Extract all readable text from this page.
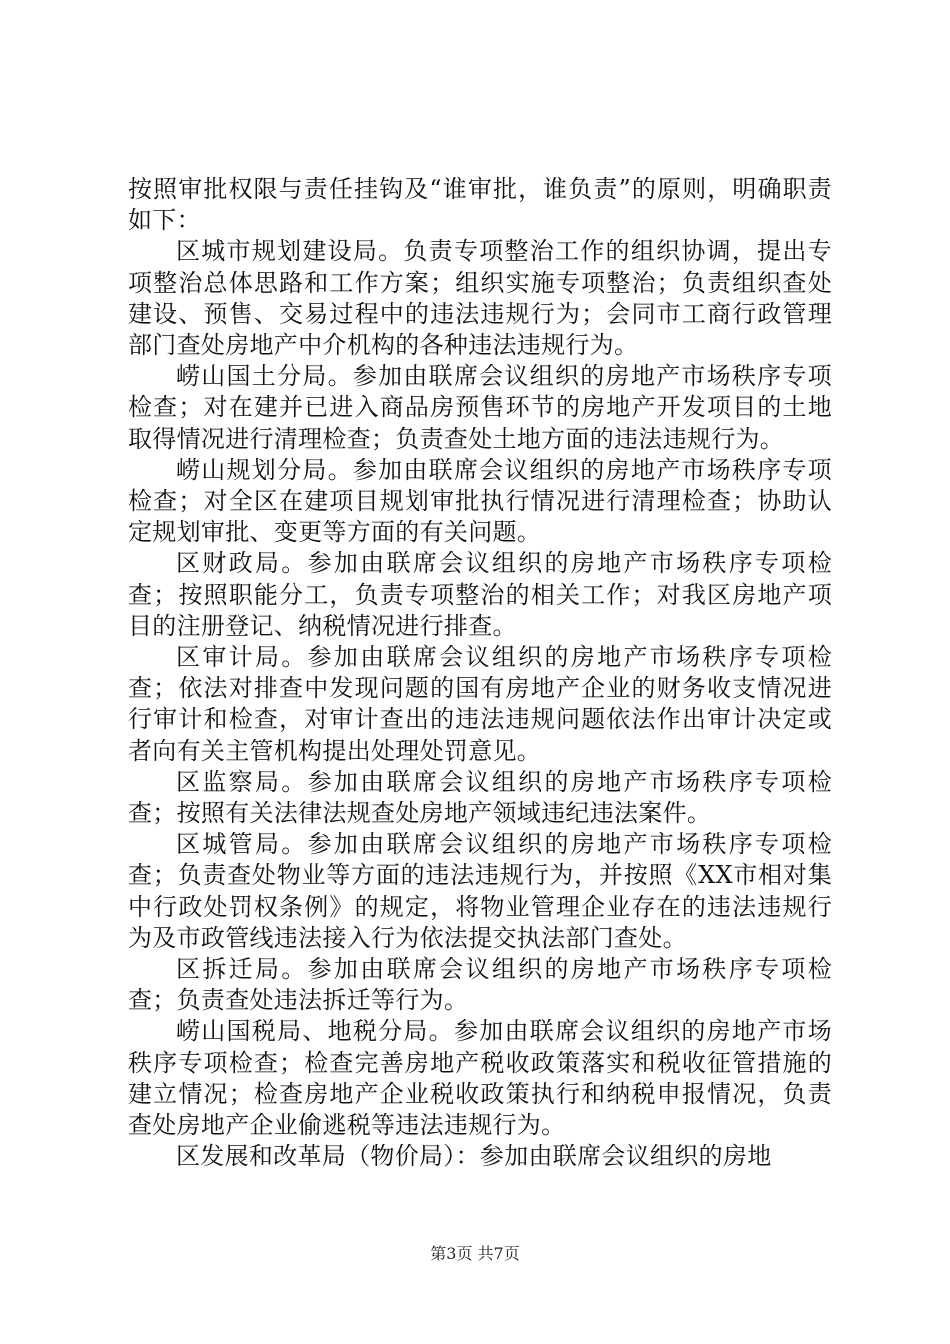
按照审批权限与责任挂钩及“谁审批，谁负责”的原则，明确职责如下：

区城市规划建设局。负责专项整治工作的组织协调，提出专项整治总体思路和工作方案；组织实施专项整治；负责组织查处建设、预售、交易过程中的违法违规行为；会同市工商行政管理部门查处房地产中介机构的各种违法违规行为。

崂山国土分局。参加由联席会议组织的房地产市场秩序专项检查；对在建并已进入商品房预售环节的房地产开发项目的土地取得情况进行清理检查；负责查处土地方面的违法违规行为。

崂山规划分局。参加由联席会议组织的房地产市场秩序专项检查；对全区在建项目规划审批执行情况进行清理检查；协助认定规划审批、变更等方面的有关问题。

区财政局。参加由联席会议组织的房地产市场秩序专项检查；按照职能分工，负责专项整治的相关工作；对我区房地产项目的注册登记、纳税情况进行排查。

区审计局。参加由联席会议组织的房地产市场秩序专项检查；依法对排查中发现问题的国有房地产企业的财务收支情况进行审计和检查，对审计查出的违法违规问题依法作出审计决定或者向有关主管机构提出处理处罚意见。

区监察局。参加由联席会议组织的房地产市场秩序专项检查；按照有关法律法规查处房地产领域违纪违法案件。

区城管局。参加由联席会议组织的房地产市场秩序专项检查；负责查处物业等方面的违法违规行为，并按照《XX市相对集中行政处罚权条例》的规定，将物业管理企业存在的违法违规行为及市政管线违法接入行为依法提交执法部门查处。

区拆迁局。参加由联席会议组织的房地产市场秩序专项检查；负责查处违法拆迁等行为。

崂山国税局、地税分局。参加由联席会议组织的房地产市场秩序专项检查；检查完善房地产税收政策落实和税收征管措施的建立情况；检查房地产企业税收政策执行和纳税申报情况，负责查处房地产企业偷逃税等违法违规行为。

区发展和改革局（物价局）：参加由联席会议组织的房地

第3页 共7页
